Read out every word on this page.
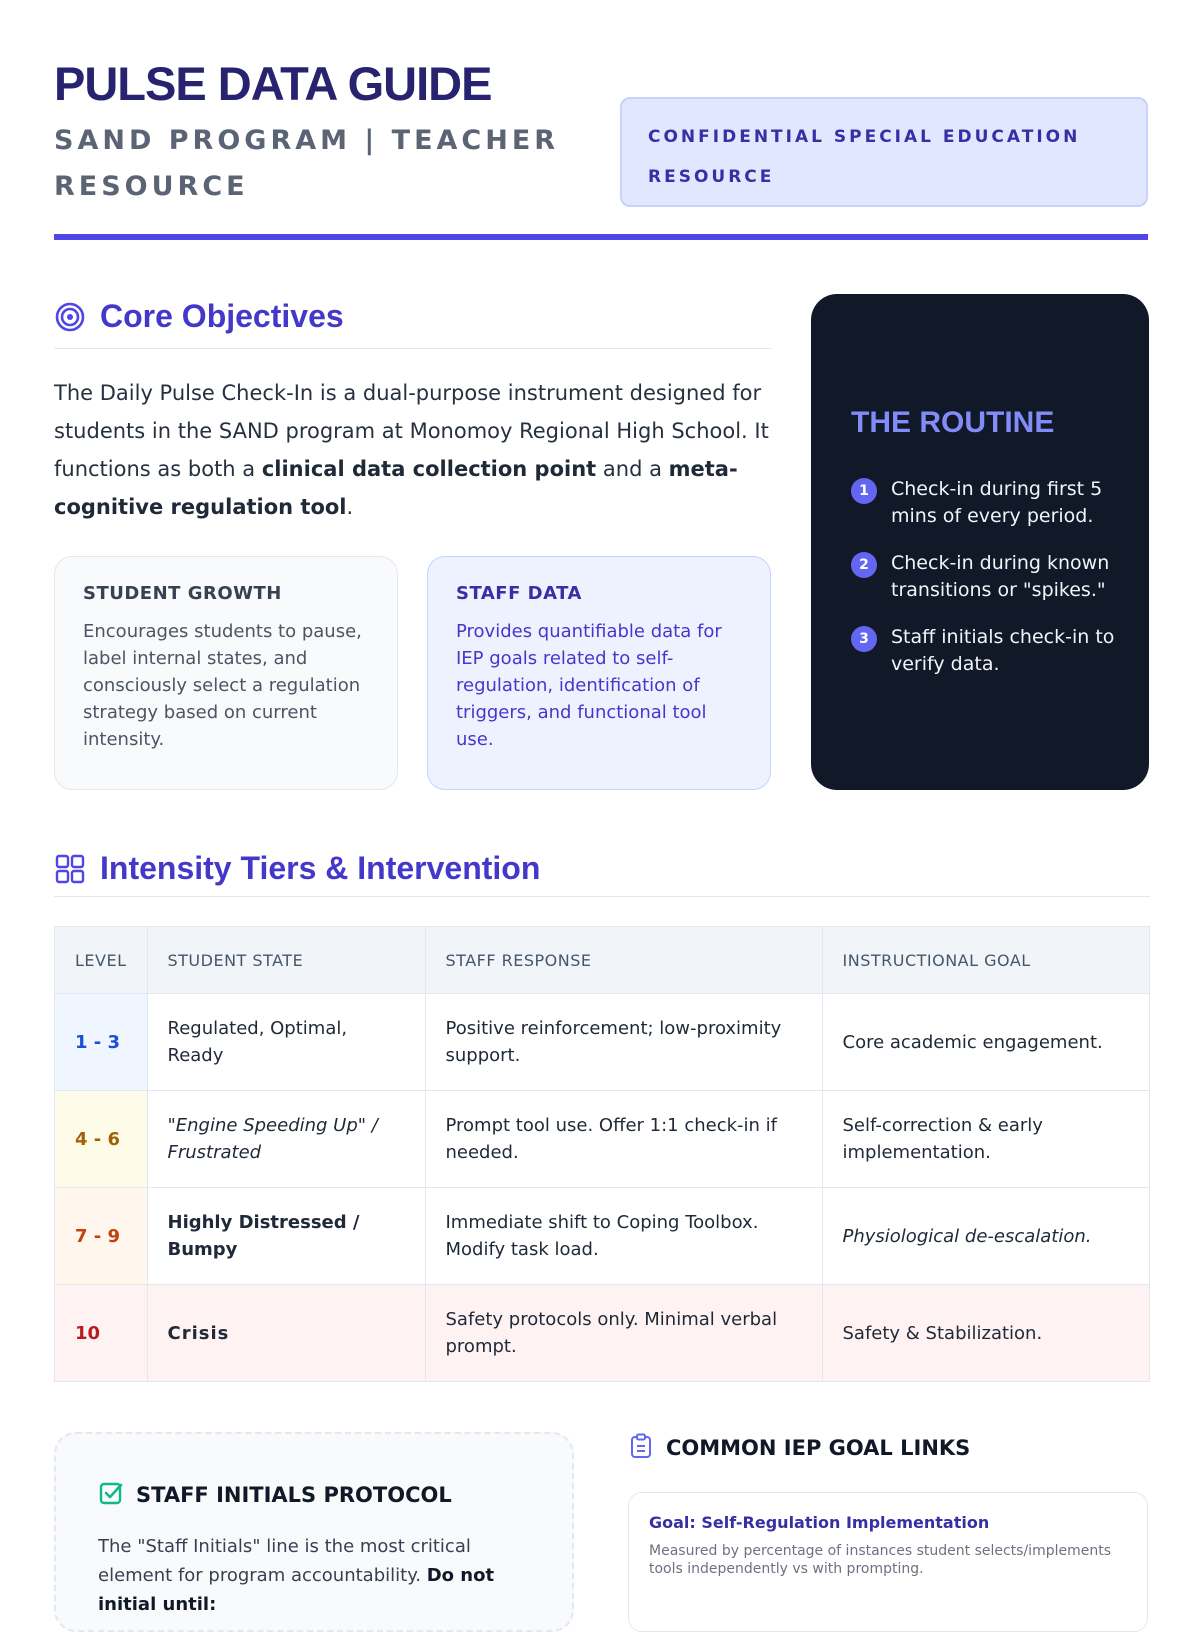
PULSE DATA GUIDE
SAND PROGRAM | TEACHER RESOURCE
CONFIDENTIAL SPECIAL EDUCATION RESOURCE
Core Objectives
The Daily Pulse Check-In is a dual-purpose instrument designed for students in the SAND program at Monomoy Regional High School. It functions as both a clinical data collection point and a meta-cognitive regulation tool.
STUDENT GROWTH
Encourages students to pause, label internal states, and consciously select a regulation strategy based on current intensity.
STAFF DATA
Provides quantifiable data for IEP goals related to self-regulation, identification of triggers, and functional tool use.
THE ROUTINE
1	Check-in during first 5 mins of every period.
2	Check-in during known transitions or "spikes."
3	Staff initials check-in to verify data.
Intensity Tiers & Intervention
LEVEL	STUDENT STATE	STAFF RESPONSE	INSTRUCTIONAL GOAL
1 - 3	Regulated, Optimal, Ready	Positive reinforcement; low-proximity support.	Core academic engagement.
4 - 6	"Engine Speeding Up" / Frustrated	Prompt tool use. Offer 1:1 check-in if needed.	Self-correction & early implementation.
7 - 9	Highly Distressed / Bumpy	Immediate shift to Coping Toolbox. Modify task load.	Physiological de-escalation.
10	Crisis	Safety protocols only. Minimal verbal prompt.	Safety & Stabilization.
STAFF INITIALS PROTOCOL
The "Staff Initials" line is the most critical element for program accountability. Do not initial until:
COMMON IEP GOAL LINKS
Goal: Self-Regulation Implementation
Measured by percentage of instances student selects/implements tools independently vs with prompting.
